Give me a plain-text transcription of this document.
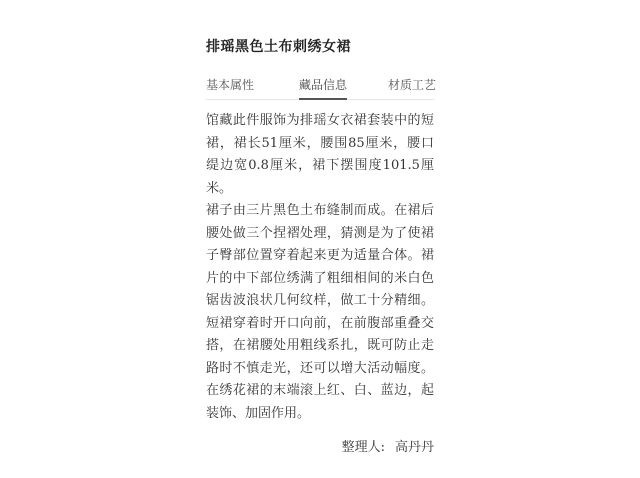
排瑶黑色土布刺绣女裙
基本属性	藏品信息	材质工艺

馆藏此件服饰为排瑶女衣裙套装中的短裙，裙长51厘米，腰围85厘米，腰口缇边宽0.8厘米，裙下摆围度101.5厘米。

裙子由三片黑色土布缝制而成。在裙后腰处做三个捏褶处理，猜测是为了使裙子臀部位置穿着起来更为适量合体。裙片的中下部位绣满了粗细相间的米白色锯齿波浪状几何纹样，做工十分精细。短裙穿着时开口向前，在前腹部重叠交搭，在裙腰处用粗线系扎，既可防止走路时不慎走光，还可以增大活动幅度。在绣花裙的末端滚上红、白、蓝边，起装饰、加固作用。

整理人: 高丹丹
